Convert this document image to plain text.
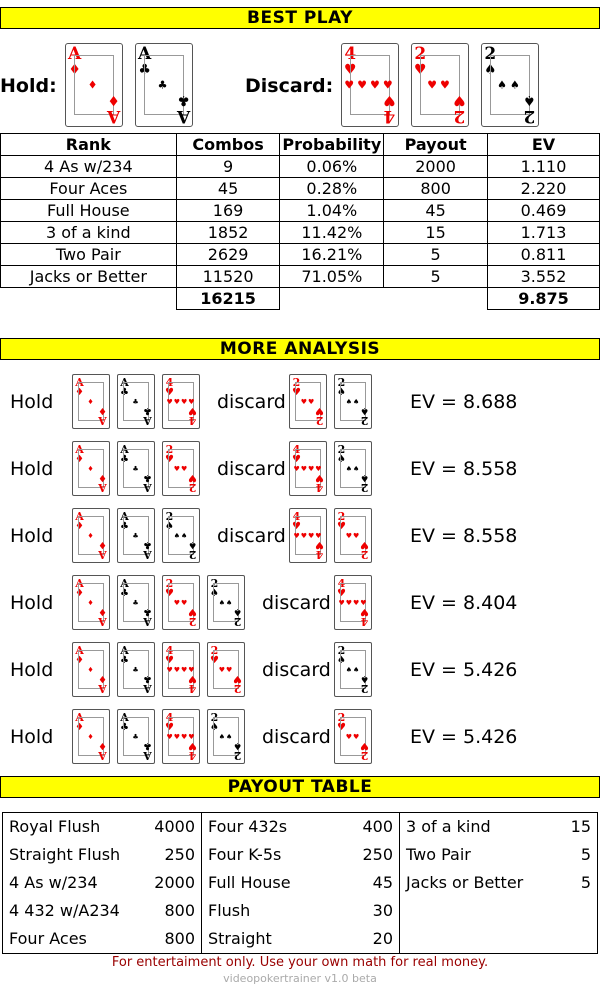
BEST PLAY
Hold:	Discard:
A
♦
♦
A
♦
A
♣
♣
A
♣
4
♥
♥♥♥♥
4
♥
2
♥
♥♥
2
♥
2
♠
♠♠
2
♠
Rank	Combos	Probability	Payout	EV
4 As w/234	9	0.06%	2000	1.110
Four Aces	45	0.28%	800	2.220
Full House	169	1.04%	45	0.469
3 of a kind	1852	11.42%	15	1.713
Two Pair	2629	16.21%	5	0.811
Jacks or Better	11520	71.05%	5	3.552
	16215			9.875
MORE ANALYSIS
Hold
A
♦
♦
A
♦
A
♣
♣
A
♣
4
♥
♥♥♥♥
4
♥ discard
2
♥
♥♥
2
♥
2
♠
♠♠
2
♠ EV = 8.688
Hold
A
♦
♦
A
♦
A
♣
♣
A
♣
2
♥
♥♥
2
♥ discard
4
♥
♥♥♥♥
4
♥
2
♠
♠♠
2
♠ EV = 8.558
Hold
A
♦
♦
A
♦
A
♣
♣
A
♣
2
♠
♠♠
2
♠ discard
4
♥
♥♥♥♥
4
♥
2
♥
♥♥
2
♥ EV = 8.558
Hold
A
♦
♦
A
♦
A
♣
♣
A
♣
2
♥
♥♥
2
♥
2
♠
♠♠
2
♠ discard
4
♥
♥♥♥♥
4
♥ EV = 8.404
Hold
A
♦
♦
A
♦
A
♣
♣
A
♣
4
♥
♥♥♥♥
4
♥
2
♥
♥♥
2
♥ discard
2
♠
♠♠
2
♠ EV = 5.426
Hold
A
♦
♦
A
♦
A
♣
♣
A
♣
4
♥
♥♥♥♥
4
♥
2
♠
♠♠
2
♠ discard
2
♥
♥♥
2
♥ EV = 5.426
PAYOUT TABLE
Royal Flush	4000
Straight Flush	250
4 As w/234	2000
4 432 w/A234	800
Four Aces	800
Four 432s	400
Four K-5s	250
Full House	45
Flush	30
Straight	20
3 of a kind	15
Two Pair	5
Jacks or Better	5
For entertaiment only. Use your own math for real money.
videopokertrainer v1.0 beta
